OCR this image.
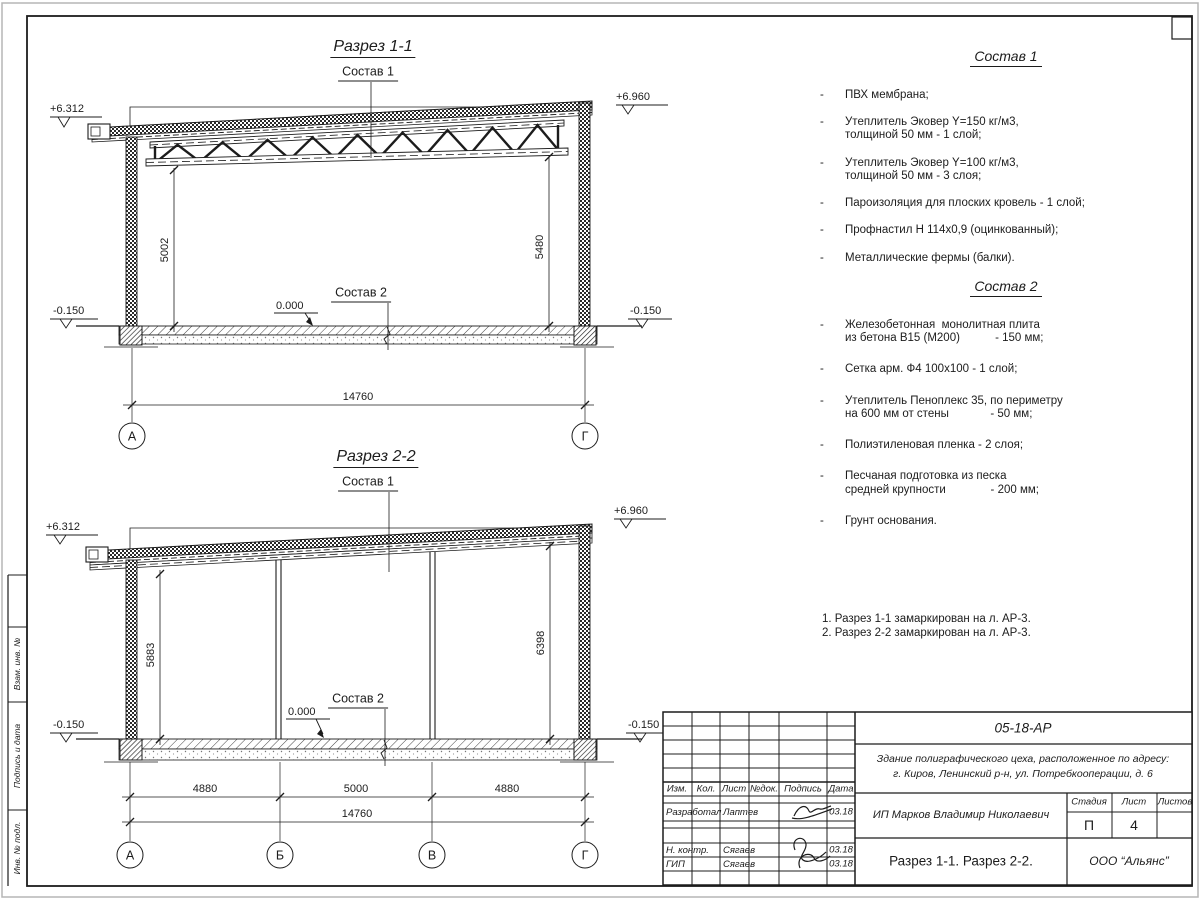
Разрез 1-1
Состав 1
+6.312
+6.960
5002	5480
0.000
Состав 2
-0.150	-0.150
14760
А	Г
Разрез 2-2
Состав 1
+6.312
+6.960
5883	6398
0.000
Состав 2
-0.150	-0.150
4880	5000	4880
14760
А	Б	В	Г
Состав 1
-	ПВХ мембрана;
-	Утеплитель Эковер Y=150 кг/м3,
толщиной 50 мм - 1 слой;
-	Утеплитель Эковер Y=100 кг/м3,
толщиной 50 мм - 3 слоя;
-	Пароизоляция для плоских кровель - 1 слой;
-	Профнастил Н 114х0,9 (оцинкованный);
-	Металлические фермы (балки).
Состав 2
-	Железобетонная  монолитная плита
из бетона В15 (М200)           - 150 мм;
-	Сетка арм. Ф4 100х100 - 1 слой;
-	Утеплитель Пеноплекс 35, по периметру
на 600 мм от стены             - 50 мм;
-	Полиэтиленовая пленка - 2 слоя;
-	Песчаная подготовка из песка
средней крупности              - 200 мм;
-	Грунт основания.
1. Разрез 1-1 замаркирован на л. АР-3.
2. Разрез 2-2 замаркирован на л. АР-3.
05-18-АР
Здание полиграфического цеха, расположенное по адресу:
г. Киров, Ленинский р-н, ул. Потребкооперации, д. 6
ИП Марков Владимир Николаевич
Стадия Лист Листов
П	4
Разрез 1-1. Разрез 2-2.	ООО “Альянс”
Изм. Кол. Лист №док. Подпись Дата
Разработал Лаптев	03.18
Н. контр. Сягаев	03.18
ГИП	Сягаев	03.18
Взам. инв. №
Подпись и дата
Инв. № подл.
